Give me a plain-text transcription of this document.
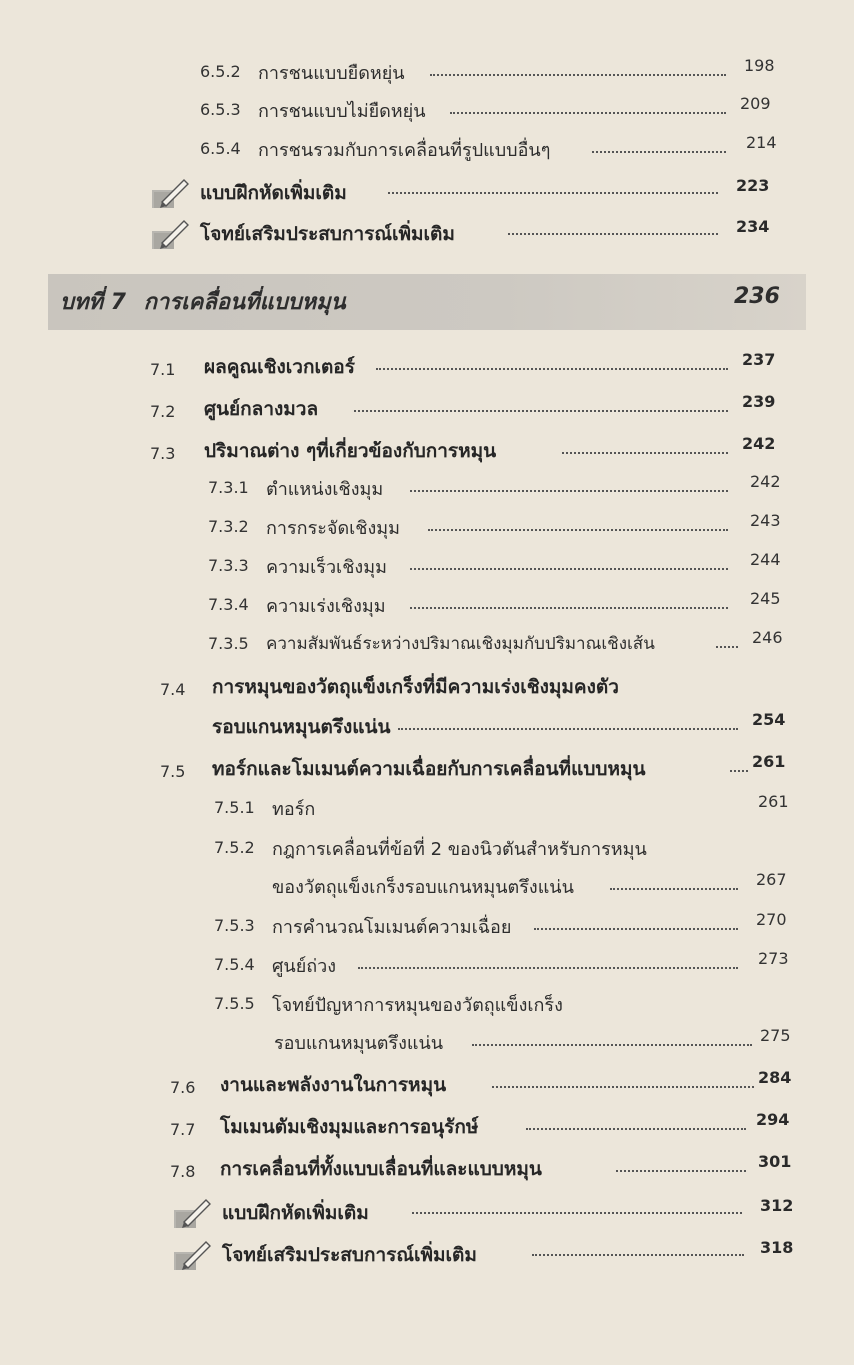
6.5.2 การชนแบบยืดหยุ่น	198
6.5.3 การชนแบบไม่ยืดหยุ่น	209
6.5.4 การชนรวมกับการเคลื่อนที่รูปแบบอื่นๆ	214
แบบฝึกหัดเพิ่มเติม	223
โจทย์เสริมประสบการณ์เพิ่มเติม	234
บทที่ 7 การเคลื่อนที่แบบหมุน	236
7.1 ผลคูณเชิงเวกเตอร์	237
7.2 ศูนย์กลางมวล	239
7.3 ปริมาณต่าง ๆที่เกี่ยวข้องกับการหมุน	242
7.3.1 ตำแหน่งเชิงมุม	242
7.3.2 การกระจัดเชิงมุม	243
7.3.3 ความเร็วเชิงมุม	244
7.3.4 ความเร่งเชิงมุม	245
7.3.5 ความสัมพันธ์ระหว่างปริมาณเชิงมุมกับปริมาณเชิงเส้น	246
7.4 การหมุนของวัตถุแข็งเกร็งที่มีความเร่งเชิงมุมคงตัว
รอบแกนหมุนตรึงแน่น	254
7.5 ทอร์กและโมเมนต์ความเฉื่อยกับการเคลื่อนที่แบบหมุน	261
7.5.1 ทอร์ก	261
7.5.2 กฎการเคลื่อนที่ข้อที่ 2 ของนิวตันสำหรับการหมุน
ของวัตถุแข็งเกร็งรอบแกนหมุนตรึงแน่น	267
7.5.3 การคำนวณโมเมนต์ความเฉื่อย	270
7.5.4 ศูนย์ถ่วง	273
7.5.5 โจทย์ปัญหาการหมุนของวัตถุแข็งเกร็ง
รอบแกนหมุนตรึงแน่น	275
7.6 งานและพลังงานในการหมุน	284
7.7 โมเมนตัมเชิงมุมและการอนุรักษ์	294
7.8 การเคลื่อนที่ทั้งแบบเลื่อนที่และแบบหมุน	301
แบบฝึกหัดเพิ่มเติม	312
โจทย์เสริมประสบการณ์เพิ่มเติม	318
